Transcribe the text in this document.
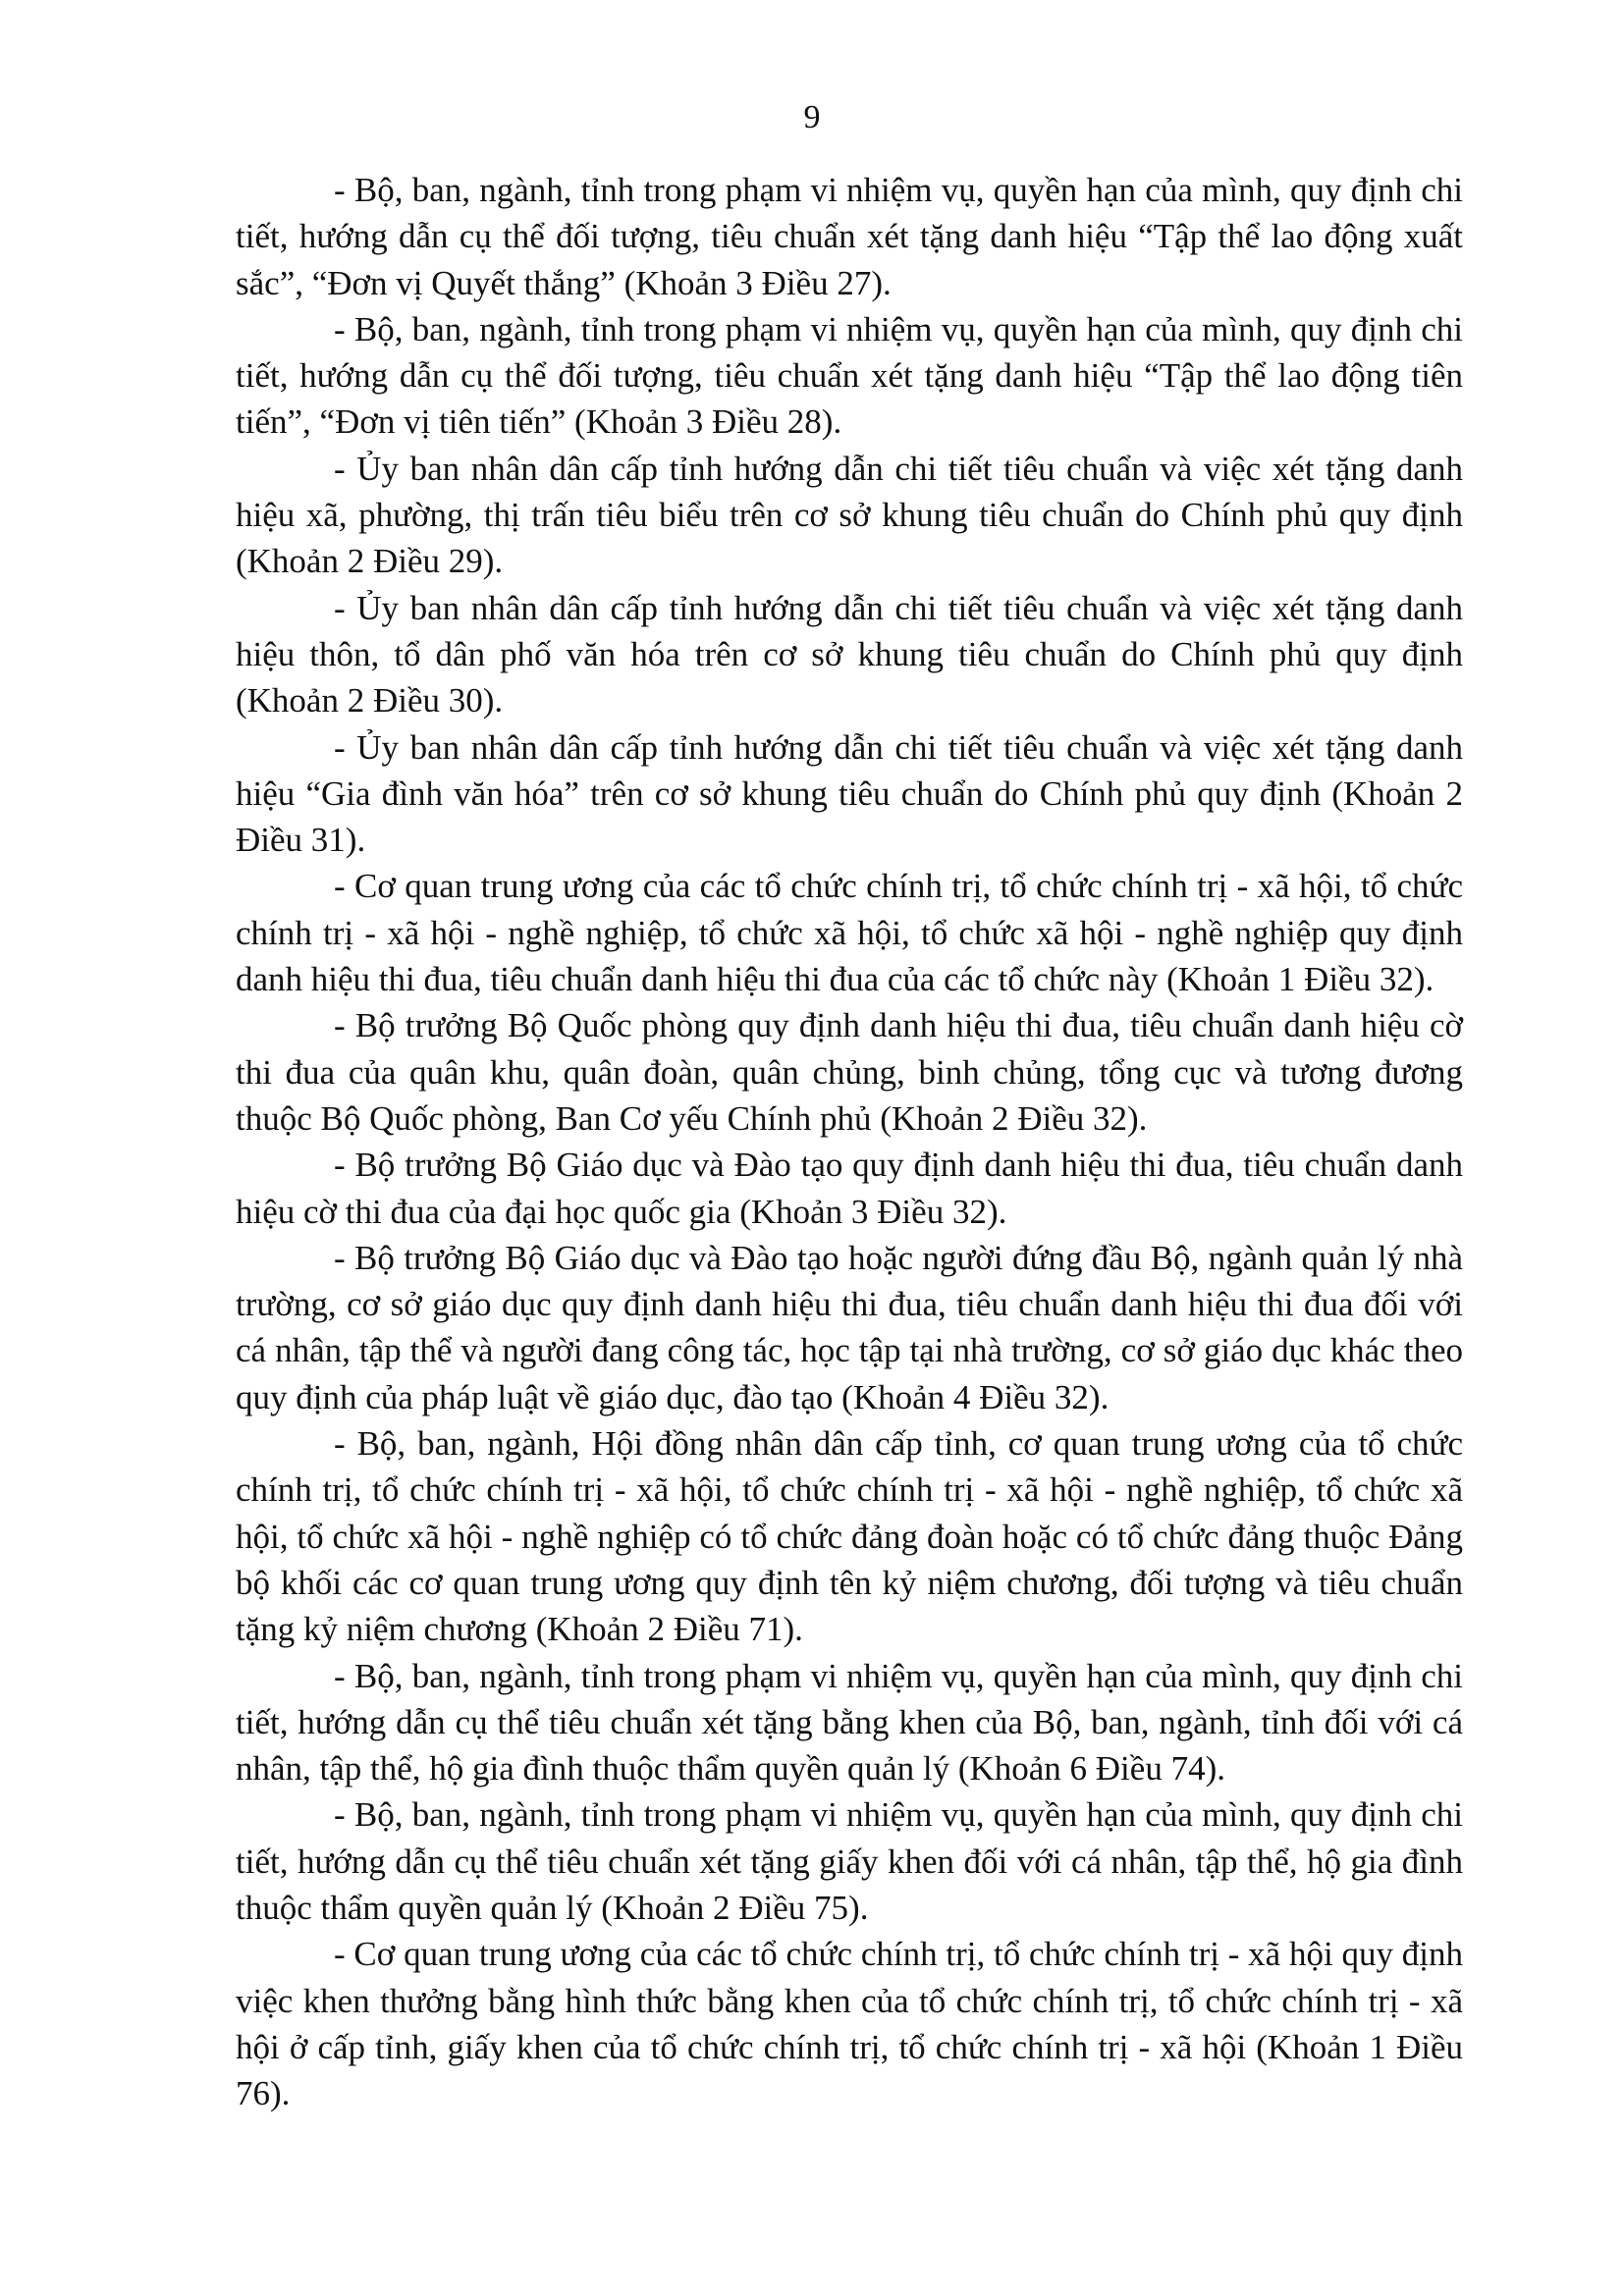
9

- Bộ, ban, ngành, tỉnh trong phạm vi nhiệm vụ, quyền hạn của mình, quy định chi tiết, hướng dẫn cụ thể đối tượng, tiêu chuẩn xét tặng danh hiệu “Tập thể lao động xuất sắc”, “Đơn vị Quyết thắng” (Khoản 3 Điều 27).

- Bộ, ban, ngành, tỉnh trong phạm vi nhiệm vụ, quyền hạn của mình, quy định chi tiết, hướng dẫn cụ thể đối tượng, tiêu chuẩn xét tặng danh hiệu “Tập thể lao động tiên tiến”, “Đơn vị tiên tiến” (Khoản 3 Điều 28).

- Ủy ban nhân dân cấp tỉnh hướng dẫn chi tiết tiêu chuẩn và việc xét tặng danh hiệu xã, phường, thị trấn tiêu biểu trên cơ sở khung tiêu chuẩn do Chính phủ quy định (Khoản 2 Điều 29).

- Ủy ban nhân dân cấp tỉnh hướng dẫn chi tiết tiêu chuẩn và việc xét tặng danh hiệu thôn, tổ dân phố văn hóa trên cơ sở khung tiêu chuẩn do Chính phủ quy định (Khoản 2 Điều 30).

- Ủy ban nhân dân cấp tỉnh hướng dẫn chi tiết tiêu chuẩn và việc xét tặng danh hiệu “Gia đình văn hóa” trên cơ sở khung tiêu chuẩn do Chính phủ quy định (Khoản 2 Điều 31).

- Cơ quan trung ương của các tổ chức chính trị, tổ chức chính trị - xã hội, tổ chức chính trị - xã hội - nghề nghiệp, tổ chức xã hội, tổ chức xã hội - nghề nghiệp quy định danh hiệu thi đua, tiêu chuẩn danh hiệu thi đua của các tổ chức này (Khoản 1 Điều 32).

- Bộ trưởng Bộ Quốc phòng quy định danh hiệu thi đua, tiêu chuẩn danh hiệu cờ thi đua của quân khu, quân đoàn, quân chủng, binh chủng, tổng cục và tương đương thuộc Bộ Quốc phòng, Ban Cơ yếu Chính phủ (Khoản 2 Điều 32).

- Bộ trưởng Bộ Giáo dục và Đào tạo quy định danh hiệu thi đua, tiêu chuẩn danh hiệu cờ thi đua của đại học quốc gia (Khoản 3 Điều 32).

- Bộ trưởng Bộ Giáo dục và Đào tạo hoặc người đứng đầu Bộ, ngành quản lý nhà trường, cơ sở giáo dục quy định danh hiệu thi đua, tiêu chuẩn danh hiệu thi đua đối với cá nhân, tập thể và người đang công tác, học tập tại nhà trường, cơ sở giáo dục khác theo quy định của pháp luật về giáo dục, đào tạo (Khoản 4 Điều 32).

- Bộ, ban, ngành, Hội đồng nhân dân cấp tỉnh, cơ quan trung ương của tổ chức chính trị, tổ chức chính trị - xã hội, tổ chức chính trị - xã hội - nghề nghiệp, tổ chức xã hội, tổ chức xã hội - nghề nghiệp có tổ chức đảng đoàn hoặc có tổ chức đảng thuộc Đảng bộ khối các cơ quan trung ương quy định tên kỷ niệm chương, đối tượng và tiêu chuẩn tặng kỷ niệm chương (Khoản 2 Điều 71).

- Bộ, ban, ngành, tỉnh trong phạm vi nhiệm vụ, quyền hạn của mình, quy định chi tiết, hướng dẫn cụ thể tiêu chuẩn xét tặng bằng khen của Bộ, ban, ngành, tỉnh đối với cá nhân, tập thể, hộ gia đình thuộc thẩm quyền quản lý (Khoản 6 Điều 74).

- Bộ, ban, ngành, tỉnh trong phạm vi nhiệm vụ, quyền hạn của mình, quy định chi tiết, hướng dẫn cụ thể tiêu chuẩn xét tặng giấy khen đối với cá nhân, tập thể, hộ gia đình thuộc thẩm quyền quản lý (Khoản 2 Điều 75).

- Cơ quan trung ương của các tổ chức chính trị, tổ chức chính trị - xã hội quy định việc khen thưởng bằng hình thức bằng khen của tổ chức chính trị, tổ chức chính trị - xã hội ở cấp tỉnh, giấy khen của tổ chức chính trị, tổ chức chính trị - xã hội (Khoản 1 Điều 76).
